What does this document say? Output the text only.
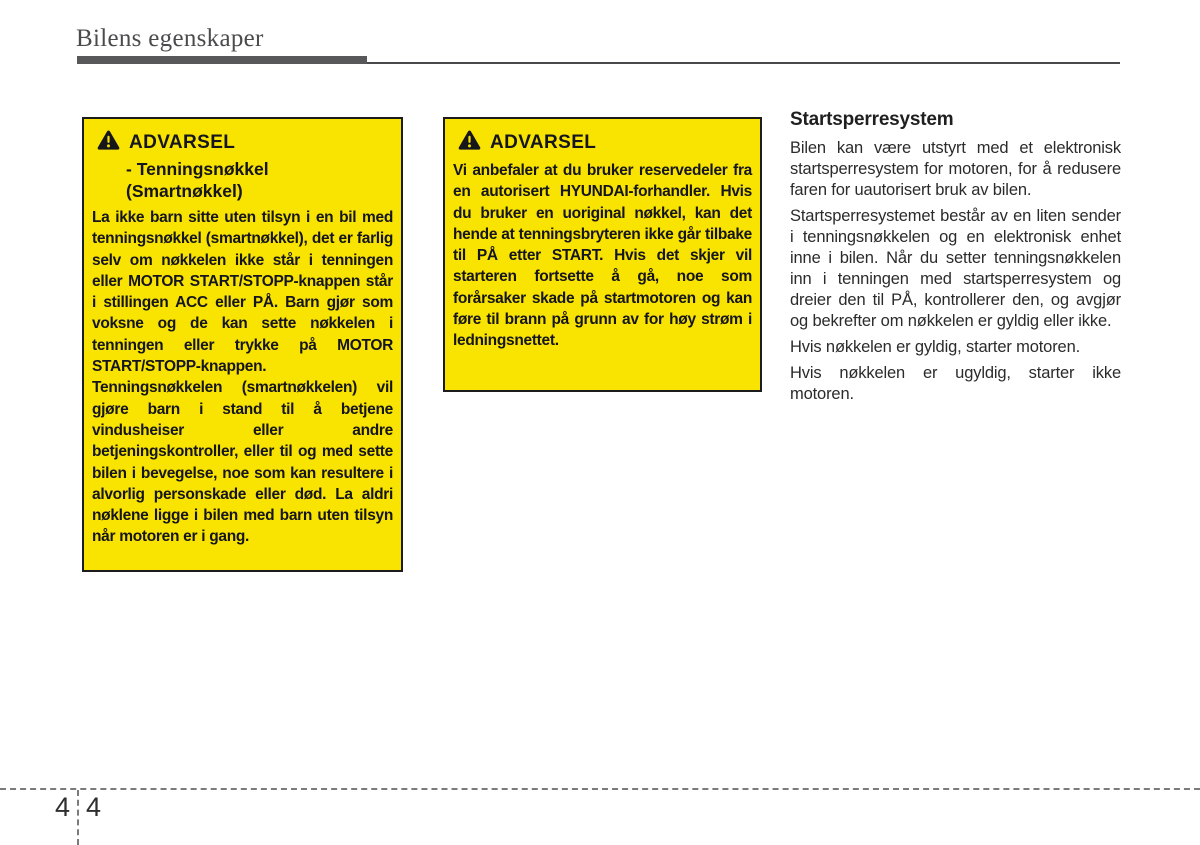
Bilens egenskaper
ADVARSEL
- Tenningsnøkkel
(Smartnøkkel)
La ikke barn sitte uten tilsyn i en bil med tenningsnøkkel (smartnøkkel), det er farlig selv om nøkkelen ikke står i tenningen eller MOTOR START/STOPP-knappen står i stillingen ACC eller PÅ. Barn gjør som voksne og de kan sette nøkkelen i tenningen eller trykke på MOTOR START/STOPP-knappen. Tenningsnøkkelen (smartnøkkelen) vil gjøre barn i stand til å betjene vindusheiser eller andre betjeningskontroller, eller til og med sette bilen i bevegelse, noe som kan resultere i alvorlig personskade eller død. La aldri nøklene ligge i bilen med barn uten tilsyn når motoren er i gang.
ADVARSEL
Vi anbefaler at du bruker reservedeler fra en autorisert HYUNDAI-forhandler. Hvis du bruker en uoriginal nøkkel, kan det hende at tenningsbryteren ikke går tilbake til PÅ etter START. Hvis det skjer vil starteren fortsette å gå, noe som forårsaker skade på startmotoren og kan føre til brann på grunn av for høy strøm i ledningsnettet.
Startsperresystem

Bilen kan være utstyrt med et elektronisk startsperresystem for motoren, for å redusere faren for uautorisert bruk av bilen.

Startsperresystemet består av en liten sender i tenningsnøkkelen og en elektronisk enhet inne i bilen. Når du setter tenningsnøkkelen inn i tenningen med startsperresystem og dreier den til PÅ, kontrollerer den, og avgjør og bekrefter om nøkkelen er gyldig eller ikke.

Hvis nøkkelen er gyldig, starter motoren.

Hvis nøkkelen er ugyldig, starter ikke motoren.

4 4
